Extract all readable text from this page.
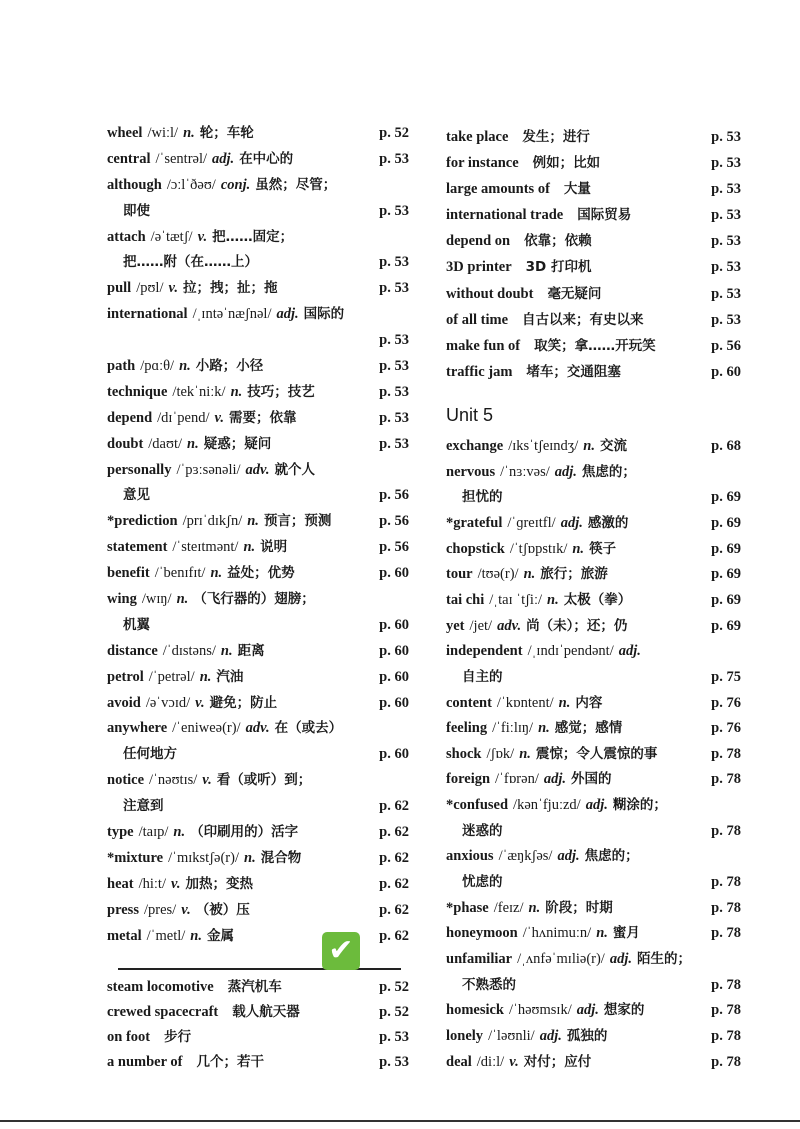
wheel /wiːl/ n. 轮；车轮	p. 52
central /ˈsentrəl/ adj. 在中心的	p. 53
although /ɔːlˈðəʊ/ conj. 虽然；尽管；
即使	p. 53
attach /əˈtætʃ/ v. 把……固定；
把……附（在……上）	p. 53
pull /pʊl/ v. 拉；拽；扯；拖	p. 53
international /ˌɪntəˈnæʃnəl/ adj. 国际的
p. 53
path /pɑːθ/ n. 小路；小径	p. 53
technique /tekˈniːk/ n. 技巧；技艺	p. 53
depend /dɪˈpend/ v. 需要；依靠	p. 53
doubt /daʊt/ n. 疑惑；疑问	p. 53
personally /ˈpɜːsənəli/ adv. 就个人
意见	p. 56
*prediction /prɪˈdɪkʃn/ n. 预言；预测	p. 56
statement /ˈsteɪtmənt/ n. 说明	p. 56
benefit /ˈbenɪfɪt/ n. 益处；优势	p. 60
wing /wɪŋ/ n. （飞行器的）翅膀；
机翼	p. 60
distance /ˈdɪstəns/ n. 距离	p. 60
petrol /ˈpetrəl/ n. 汽油	p. 60
avoid /əˈvɔɪd/ v. 避免；防止	p. 60
anywhere /ˈeniweə(r)/ adv. 在（或去）
任何地方	p. 60
notice /ˈnəʊtɪs/ v. 看（或听）到；
注意到	p. 62
type /taɪp/ n. （印刷用的）活字	p. 62
*mixture /ˈmɪkstʃə(r)/ n. 混合物	p. 62
heat /hiːt/ v. 加热；变热	p. 62
press /pres/ v. （被）压	p. 62
metal /ˈmetl/ n. 金属	p. 62
✔
steam locomotive 蒸汽机车	p. 52
crewed spacecraft 载人航天器	p. 52
on foot 步行	p. 53
a number of 几个；若干	p. 53
take place 发生；进行	p. 53
for instance 例如；比如	p. 53
large amounts of 大量	p. 53
international trade 国际贸易	p. 53
depend on 依靠；依赖	p. 53
3D printer 3D 打印机	p. 53
without doubt 毫无疑问	p. 53
of all time 自古以来；有史以来	p. 53
make fun of 取笑；拿……开玩笑	p. 56
traffic jam 堵车；交通阻塞	p. 60
Unit 5
exchange /ɪksˈtʃeɪndʒ/ n. 交流	p. 68
nervous /ˈnɜːvəs/ adj. 焦虑的；
担忧的	p. 69
*grateful /ˈɡreɪtfl/ adj. 感激的	p. 69
chopstick /ˈtʃɒpstɪk/ n. 筷子	p. 69
tour /tʊə(r)/ n. 旅行；旅游	p. 69
tai chi /ˌtaɪ ˈtʃiː/ n. 太极（拳）	p. 69
yet /jet/ adv. 尚（未）；还；仍	p. 69
independent /ˌɪndɪˈpendənt/ adj.
自主的	p. 75
content /ˈkɒntent/ n. 内容	p. 76
feeling /ˈfiːlɪŋ/ n. 感觉；感情	p. 76
shock /ʃɒk/ n. 震惊；令人震惊的事	p. 78
foreign /ˈfɒrən/ adj. 外国的	p. 78
*confused /kənˈfjuːzd/ adj. 糊涂的；
迷惑的	p. 78
anxious /ˈæŋkʃəs/ adj. 焦虑的；
忧虑的	p. 78
*phase /feɪz/ n. 阶段；时期	p. 78
honeymoon /ˈhʌnimuːn/ n. 蜜月	p. 78
unfamiliar /ˌʌnfəˈmɪliə(r)/ adj. 陌生的；
不熟悉的	p. 78
homesick /ˈhəʊmsɪk/ adj. 想家的	p. 78
lonely /ˈləʊnli/ adj. 孤独的	p. 78
deal /diːl/ v. 对付；应付	p. 78
